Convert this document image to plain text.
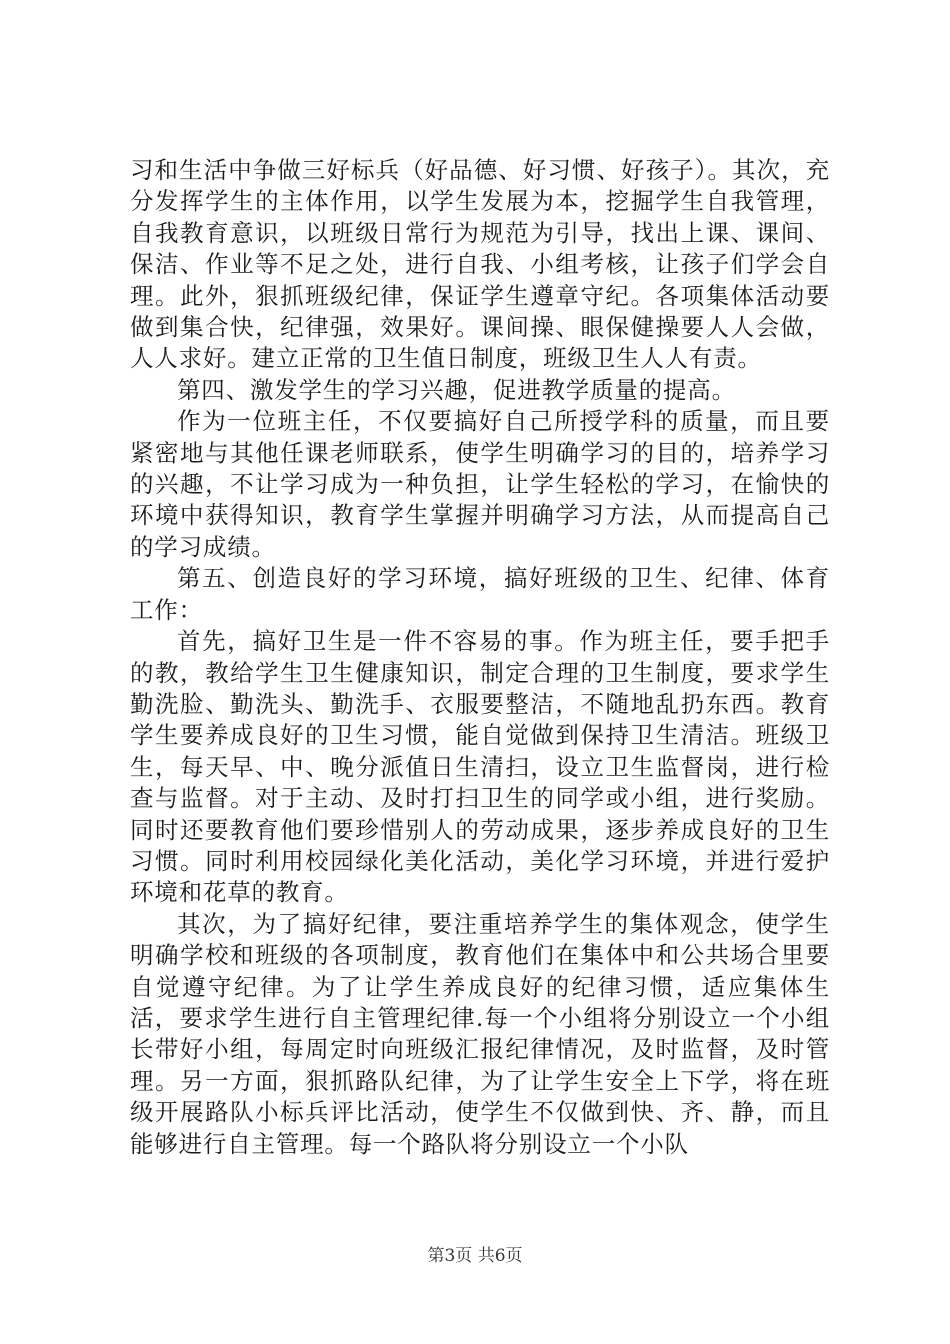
习和生活中争做三好标兵（好品德、好习惯、好孩子）。其次，充分发挥学生的主体作用，以学生发展为本，挖掘学生自我管理，自我教育意识，以班级日常行为规范为引导，找出上课、课间、保洁、作业等不足之处，进行自我、小组考核，让孩子们学会自理。此外，狠抓班级纪律，保证学生遵章守纪。各项集体活动要做到集合快，纪律强，效果好。课间操、眼保健操要人人会做，人人求好。建立正常的卫生值日制度，班级卫生人人有责。

第四、激发学生的学习兴趣，促进教学质量的提高。

作为一位班主任，不仅要搞好自己所授学科的质量，而且要紧密地与其他任课老师联系，使学生明确学习的目的，培养学习的兴趣，不让学习成为一种负担，让学生轻松的学习，在愉快的环境中获得知识，教育学生掌握并明确学习方法，从而提高自己的学习成绩。

第五、创造良好的学习环境，搞好班级的卫生、纪律、体育工作：

首先，搞好卫生是一件不容易的事。作为班主任，要手把手的教，教给学生卫生健康知识，制定合理的卫生制度，要求学生勤洗脸、勤洗头、勤洗手、衣服要整洁，不随地乱扔东西。教育学生要养成良好的卫生习惯，能自觉做到保持卫生清洁。班级卫生，每天早、中、晚分派值日生清扫，设立卫生监督岗，进行检查与监督。对于主动、及时打扫卫生的同学或小组，进行奖励。同时还要教育他们要珍惜别人的劳动成果，逐步养成良好的卫生习惯。同时利用校园绿化美化活动，美化学习环境，并进行爱护环境和花草的教育。

其次，为了搞好纪律，要注重培养学生的集体观念，使学生明确学校和班级的各项制度，教育他们在集体中和公共场合里要自觉遵守纪律。为了让学生养成良好的纪律习惯，适应集体生活，要求学生进行自主管理纪律.每一个小组将分别设立一个小组长带好小组，每周定时向班级汇报纪律情况，及时监督，及时管理。另一方面，狠抓路队纪律，为了让学生安全上下学，将在班级开展路队小标兵评比活动，使学生不仅做到快、齐、静，而且能够进行自主管理。每一个路队将分别设立一个小队

第3页 共6页
